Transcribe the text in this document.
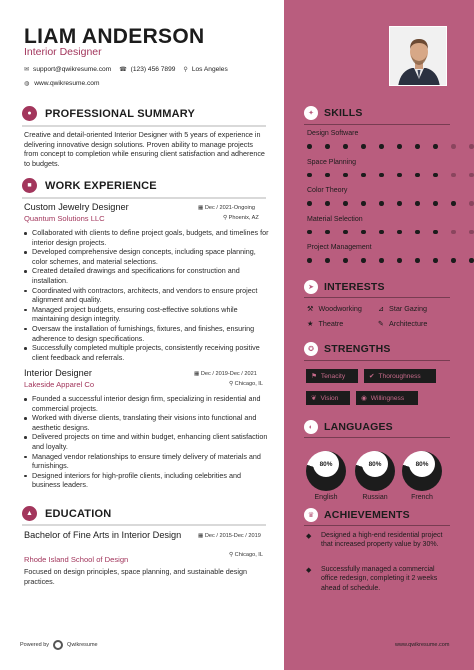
LIAM ANDERSON
Interior Designer
✉ support@qwikresume.com ☎ (123) 456 7899 ⚲ Los Angeles
◍ www.qwikresume.com
●	PROFESSIONAL SUMMARY
Creative and detail-oriented Interior Designer with 5 years of experience in delivering innovative design solutions. Proven ability to manage projects from concept to completion while ensuring client satisfaction and adherence to budgets.
■	WORK EXPERIENCE
Custom Jewelry Designer
Quantum Solutions LLC
▦ Dec / 2021-Ongoing
⚲ Phoenix, AZ
Collaborated with clients to define project goals, budgets, and timelines for interior design projects.
Developed comprehensive design concepts, including space planning, color schemes, and material selections.
Created detailed drawings and specifications for construction and installation.
Coordinated with contractors, architects, and vendors to ensure project alignment and quality.
Managed project budgets, ensuring cost-effective solutions while maintaining design integrity.
Oversaw the installation of furnishings, fixtures, and finishes, ensuring adherence to design specifications.
Successfully completed multiple projects, consistently receiving positive client feedback and referrals.
Interior Designer
Lakeside Apparel Co
▦ Dec / 2019-Dec / 2021
⚲ Chicago, IL
Founded a successful interior design firm, specializing in residential and commercial projects.
Worked with diverse clients, translating their visions into functional and aesthetic designs.
Delivered projects on time and within budget, enhancing client satisfaction and loyalty.
Managed vendor relationships to ensure timely delivery of materials and furnishings.
Designed interiors for high-profile clients, including celebrities and business leaders.
▲	EDUCATION
Bachelor of Fine Arts in Interior Design
Rhode Island School of Design
▦ Dec / 2015-Dec / 2019
⚲ Chicago, IL
Focused on design principles, space planning, and sustainable design practices.
Powered by	Qwikresume	www.qwikresume.com
✦ SKILLS
Design Software
Space Planning
Color Theory
Material Selection
Project Management
➤ INTERESTS
⚒ Woodworking ⊿ Star Gazing
★ Theatre	✎ Architecture
✪ STRENGTHS
⚑ Tenacity	✔ Thoroughness
❦ Vision	◉ Willingness
◐	LANGUAGES
80%
English
80%
Russian
80%
French
♛ ACHIEVEMENTS
◆ Designed a high-end residential project that increased property value by 30%.
◆ Successfully managed a commercial office redesign, completing it 2 weeks ahead of schedule.
